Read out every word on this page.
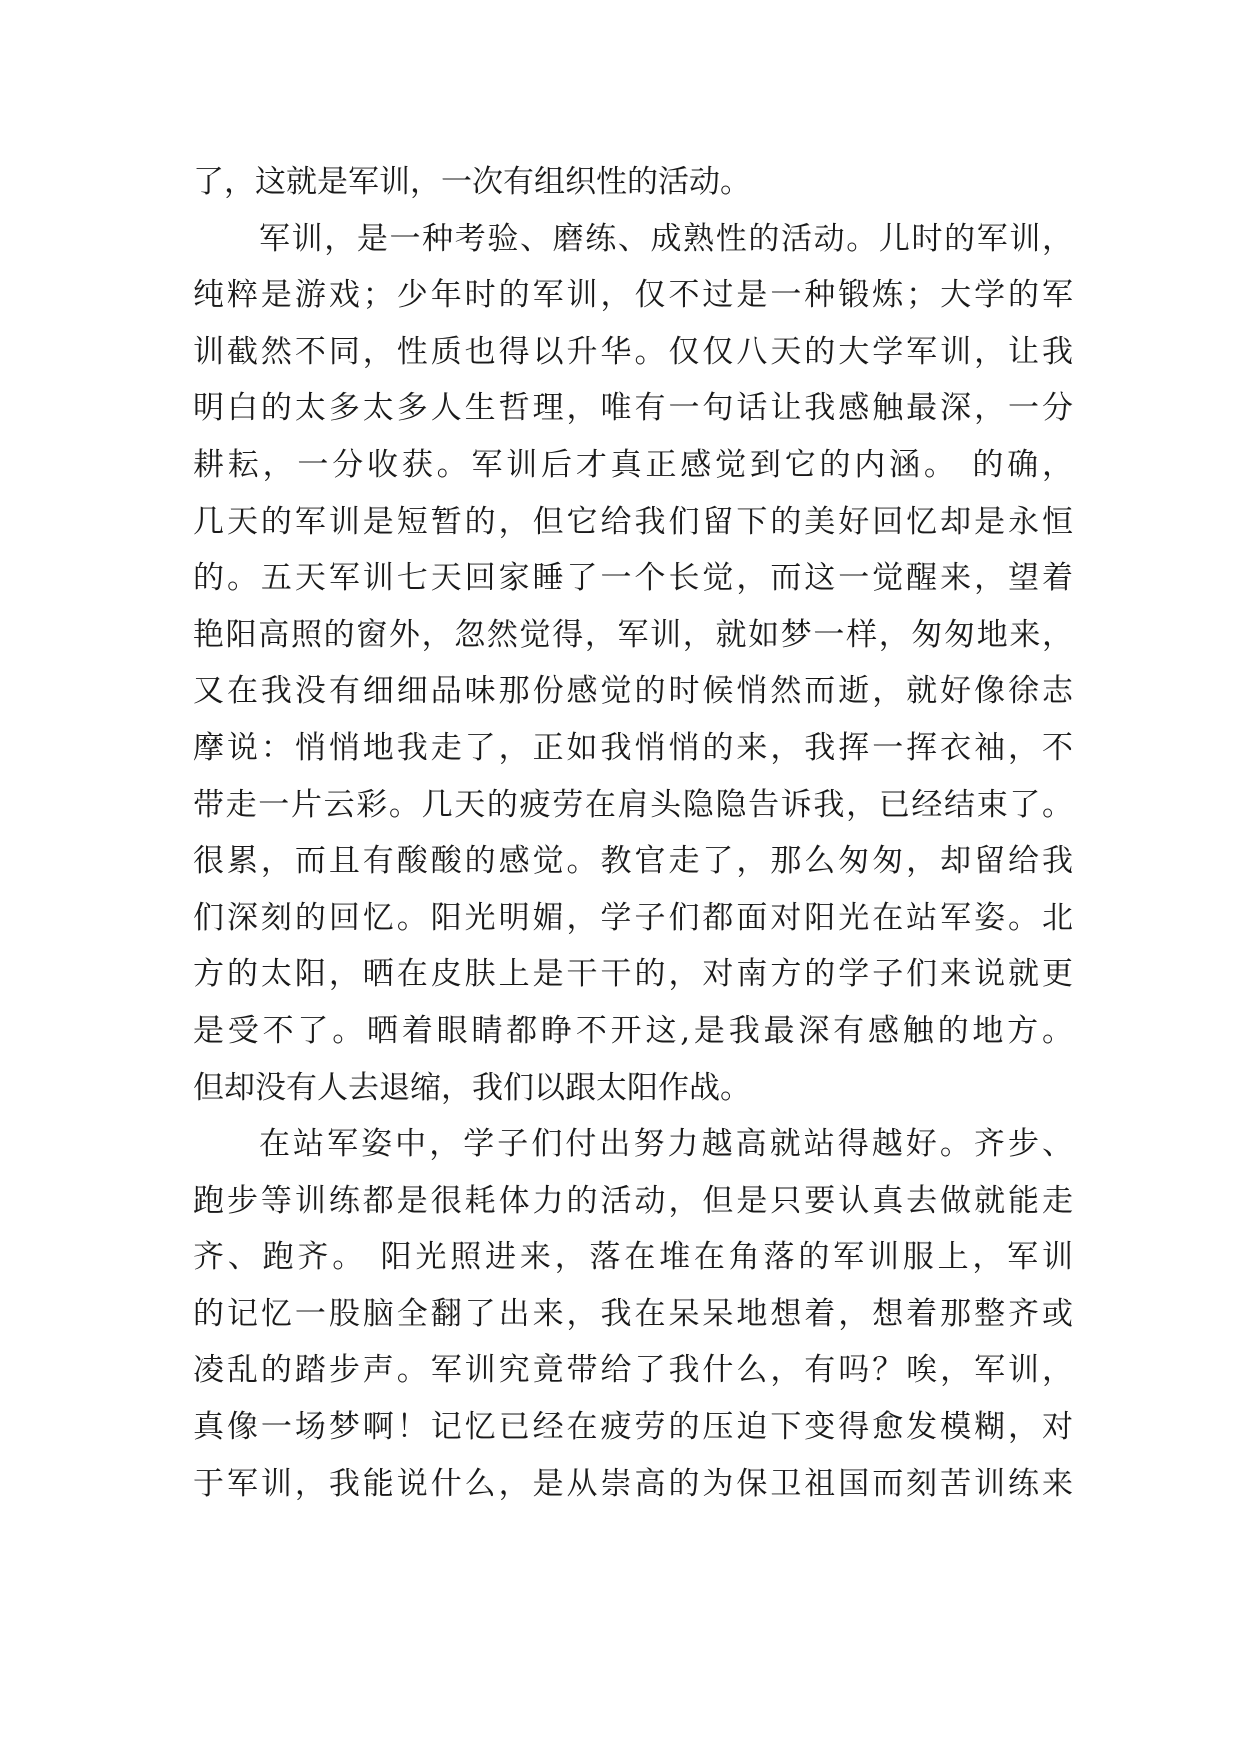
了，这就是军训，一次有组织性的活动。
军训，是一种考验、磨练、成熟性的活动。儿时的军训，
纯粹是游戏；少年时的军训，仅不过是一种锻炼；大学的军
训截然不同，性质也得以升华。仅仅八天的大学军训，让我
明白的太多太多人生哲理，唯有一句话让我感触最深，一分
耕耘，一分收获。军训后才真正感觉到它的内涵。 的确，
几天的军训是短暂的，但它给我们留下的美好回忆却是永恒
的。五天军训七天回家睡了一个长觉，而这一觉醒来，望着
艳阳高照的窗外，忽然觉得，军训，就如梦一样，匆匆地来，
又在我没有细细品味那份感觉的时候悄然而逝，就好像徐志
摩说：悄悄地我走了，正如我悄悄的来，我挥一挥衣袖，不
带走一片云彩。几天的疲劳在肩头隐隐告诉我，已经结束了。
很累，而且有酸酸的感觉。教官走了，那么匆匆，却留给我
们深刻的回忆。阳光明媚，学子们都面对阳光在站军姿。北
方的太阳，晒在皮肤上是干干的，对南方的学子们来说就更
是受不了。晒着眼睛都睁不开这,是我最深有感触的地方。
但却没有人去退缩，我们以跟太阳作战。
在站军姿中，学子们付出努力越高就站得越好。齐步、
跑步等训练都是很耗体力的活动，但是只要认真去做就能走
齐、跑齐。 阳光照进来，落在堆在角落的军训服上，军训
的记忆一股脑全翻了出来，我在呆呆地想着，想着那整齐或
凌乱的踏步声。军训究竟带给了我什么，有吗？唉，军训，
真像一场梦啊！记忆已经在疲劳的压迫下变得愈发模糊，对
于军训，我能说什么，是从崇高的为保卫祖国而刻苦训练来
